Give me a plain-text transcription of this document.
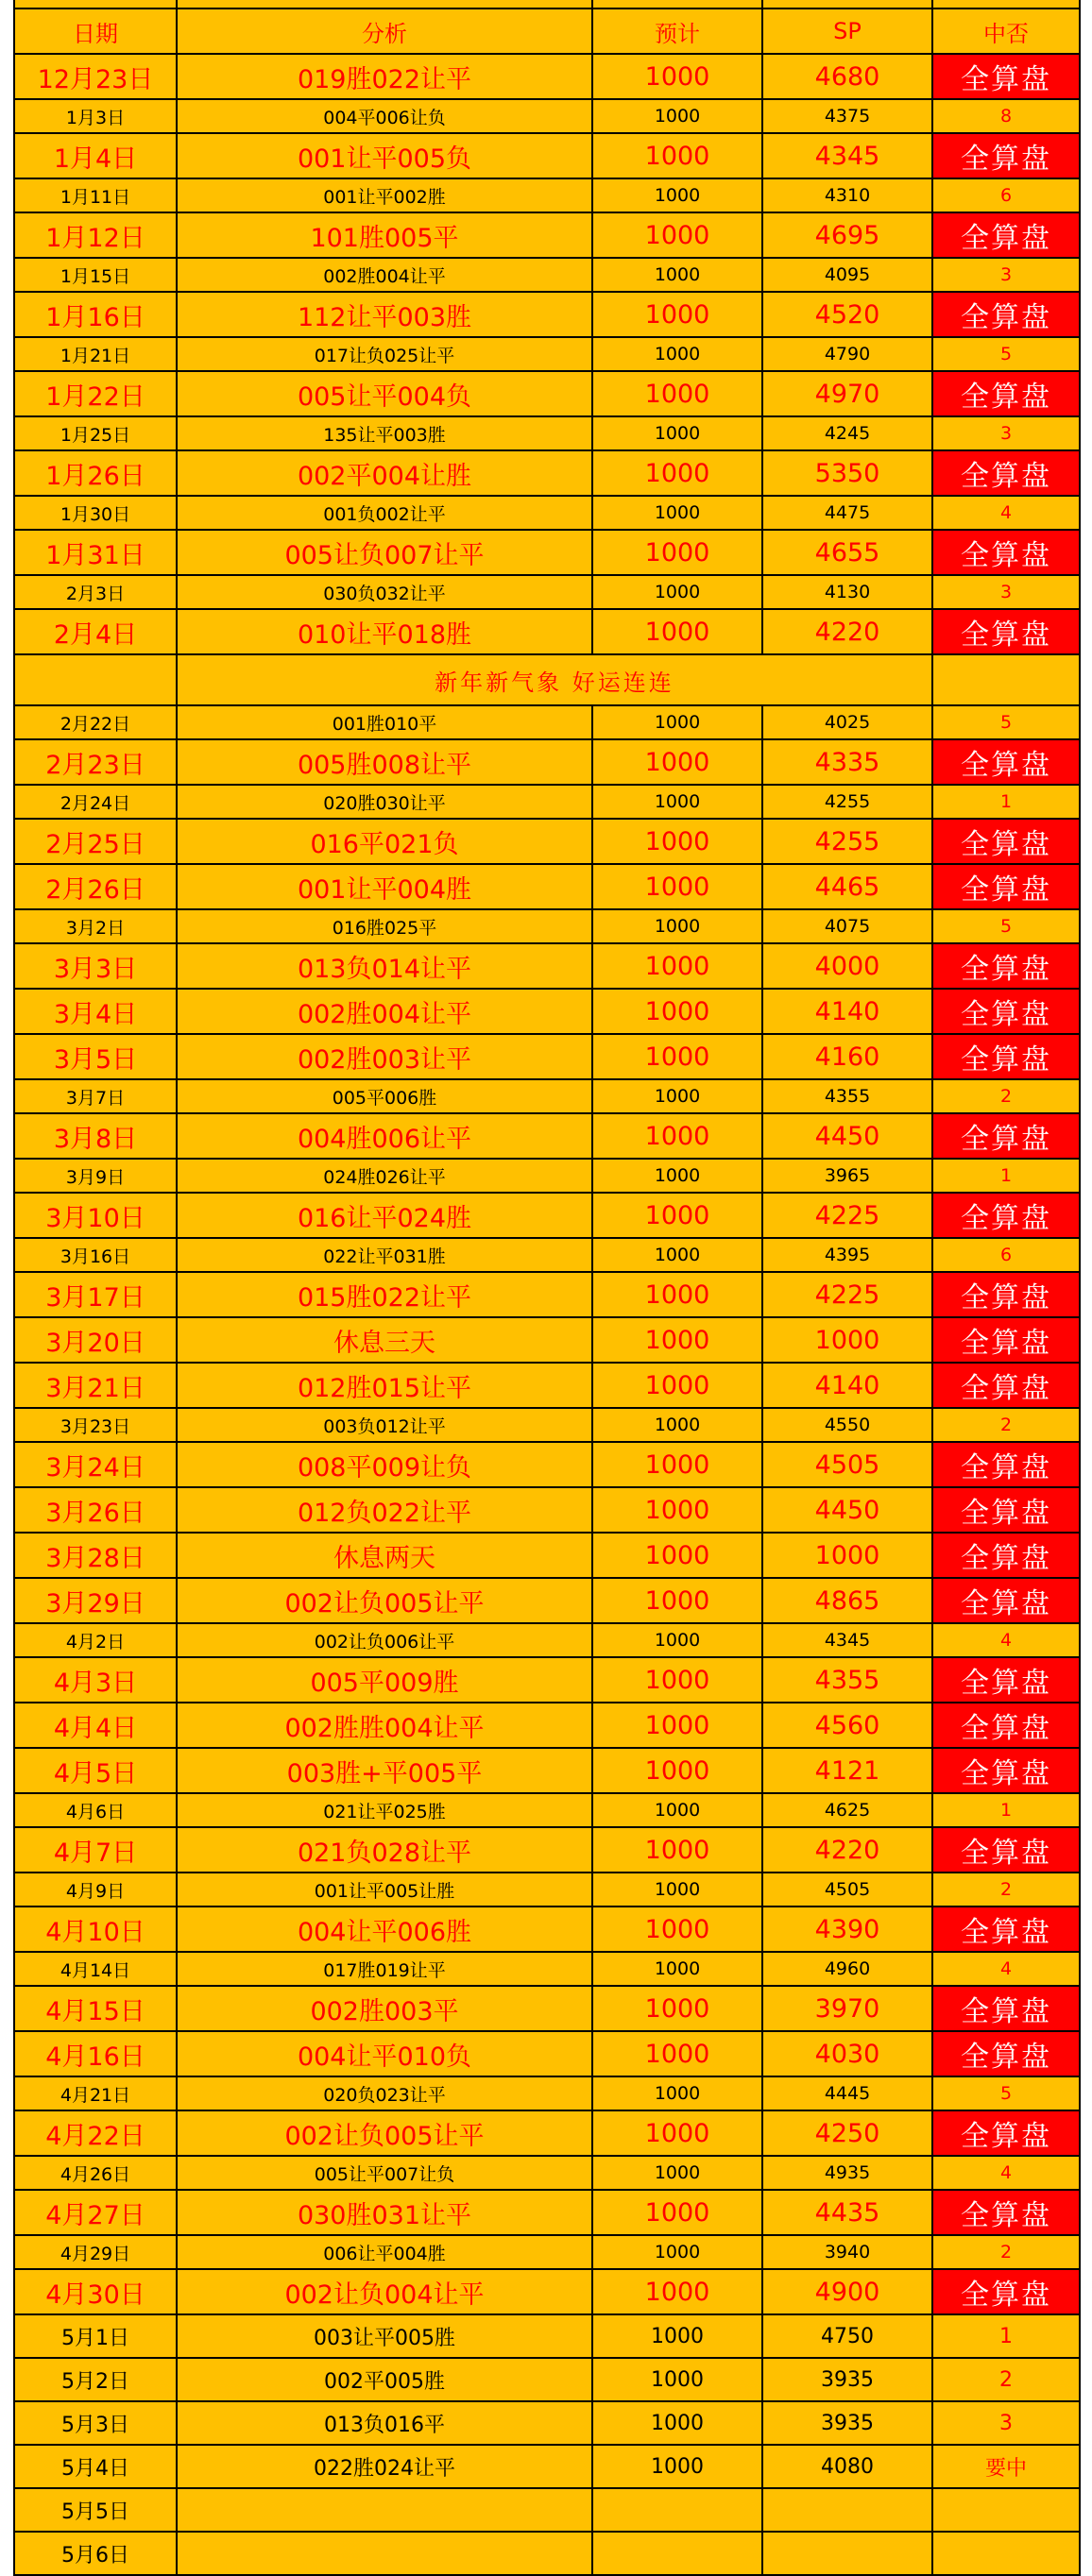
日期	分析	预计	SP	中否
12月23日	019胜022让平	1000	4680	全算盘
1月3日	004平006让负	1000	4375	8
1月4日	001让平005负	1000	4345	全算盘
1月11日	001让平002胜	1000	4310	6
1月12日	101胜005平	1000	4695	全算盘
1月15日	002胜004让平	1000	4095	3
1月16日	112让平003胜	1000	4520	全算盘
1月21日	017让负025让平	1000	4790	5
1月22日	005让平004负	1000	4970	全算盘
1月25日	135让平003胜	1000	4245	3
1月26日	002平004让胜	1000	5350	全算盘
1月30日	001负002让平	1000	4475	4
1月31日	005让负007让平	1000	4655	全算盘
2月3日	030负032让平	1000	4130	3
2月4日	010让平018胜	1000	4220	全算盘
	新年新气象 好运连连			
2月22日	001胜010平	1000	4025	5
2月23日	005胜008让平	1000	4335	全算盘
2月24日	020胜030让平	1000	4255	1
2月25日	016平021负	1000	4255	全算盘
2月26日	001让平004胜	1000	4465	全算盘
3月2日	016胜025平	1000	4075	5
3月3日	013负014让平	1000	4000	全算盘
3月4日	002胜004让平	1000	4140	全算盘
3月5日	002胜003让平	1000	4160	全算盘
3月7日	005平006胜	1000	4355	2
3月8日	004胜006让平	1000	4450	全算盘
3月9日	024胜026让平	1000	3965	1
3月10日	016让平024胜	1000	4225	全算盘
3月16日	022让平031胜	1000	4395	6
3月17日	015胜022让平	1000	4225	全算盘
3月20日	休息三天	1000	1000	全算盘
3月21日	012胜015让平	1000	4140	全算盘
3月23日	003负012让平	1000	4550	2
3月24日	008平009让负	1000	4505	全算盘
3月26日	012负022让平	1000	4450	全算盘
3月28日	休息两天	1000	1000	全算盘
3月29日	002让负005让平	1000	4865	全算盘
4月2日	002让负006让平	1000	4345	4
4月3日	005平009胜	1000	4355	全算盘
4月4日	002胜胜004让平	1000	4560	全算盘
4月5日	003胜+平005平	1000	4121	全算盘
4月6日	021让平025胜	1000	4625	1
4月7日	021负028让平	1000	4220	全算盘
4月9日	001让平005让胜	1000	4505	2
4月10日	004让平006胜	1000	4390	全算盘
4月14日	017胜019让平	1000	4960	4
4月15日	002胜003平	1000	3970	全算盘
4月16日	004让平010负	1000	4030	全算盘
4月21日	020负023让平	1000	4445	5
4月22日	002让负005让平	1000	4250	全算盘
4月26日	005让平007让负	1000	4935	4
4月27日	030胜031让平	1000	4435	全算盘
4月29日	006让平004胜	1000	3940	2
4月30日	002让负004让平	1000	4900	全算盘
5月1日	003让平005胜	1000	4750	1
5月2日	002平005胜	1000	3935	2
5月3日	013负016平	1000	3935	3
5月4日	022胜024让平	1000	4080	要中
5月5日				
5月6日				
